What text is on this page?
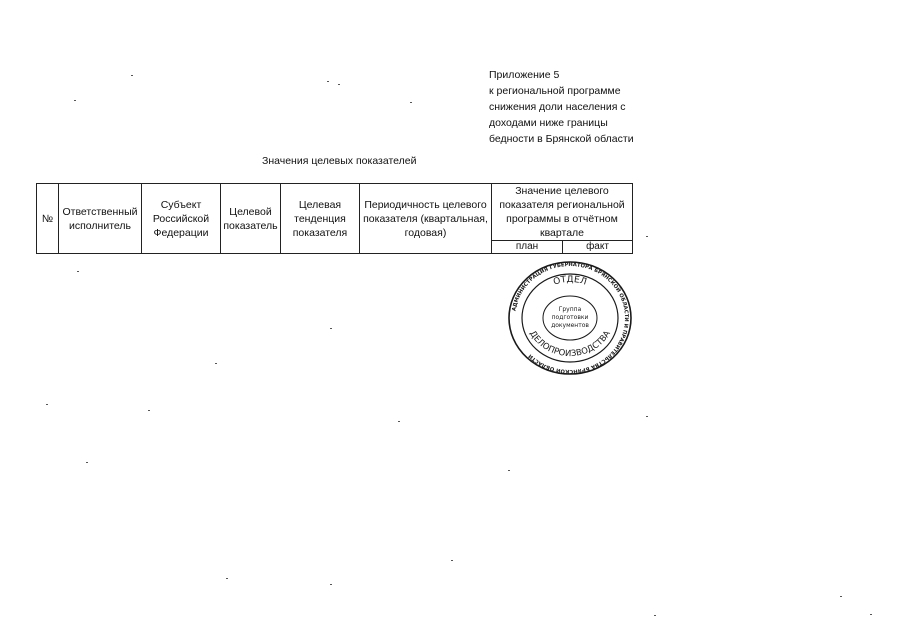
Приложение 5
к региональной программе
снижения доли населения с
доходами ниже границы
бедности в Брянской области
Значения целевых показателей
№	Ответственный исполнитель	Субъект Российской Федерации	Целевой показатель	Целевая тенденция показателя	Периодичность целевого показателя (квартальная, годовая)	Значение целевого показателя региональной программы в отчётном квартале	
						план	факт
АДМИНИСТРАЦИЯ ГУБЕРНАТОРА БРЯНСКОЙ ОБЛАСТИ И ПРАВИТЕЛЬСТВА БРЯНСКОЙ ОБЛАСТИ
ОТДЕЛ
ДЕЛОПРОИЗВОДСТВА
Группа
подготовки
документов
